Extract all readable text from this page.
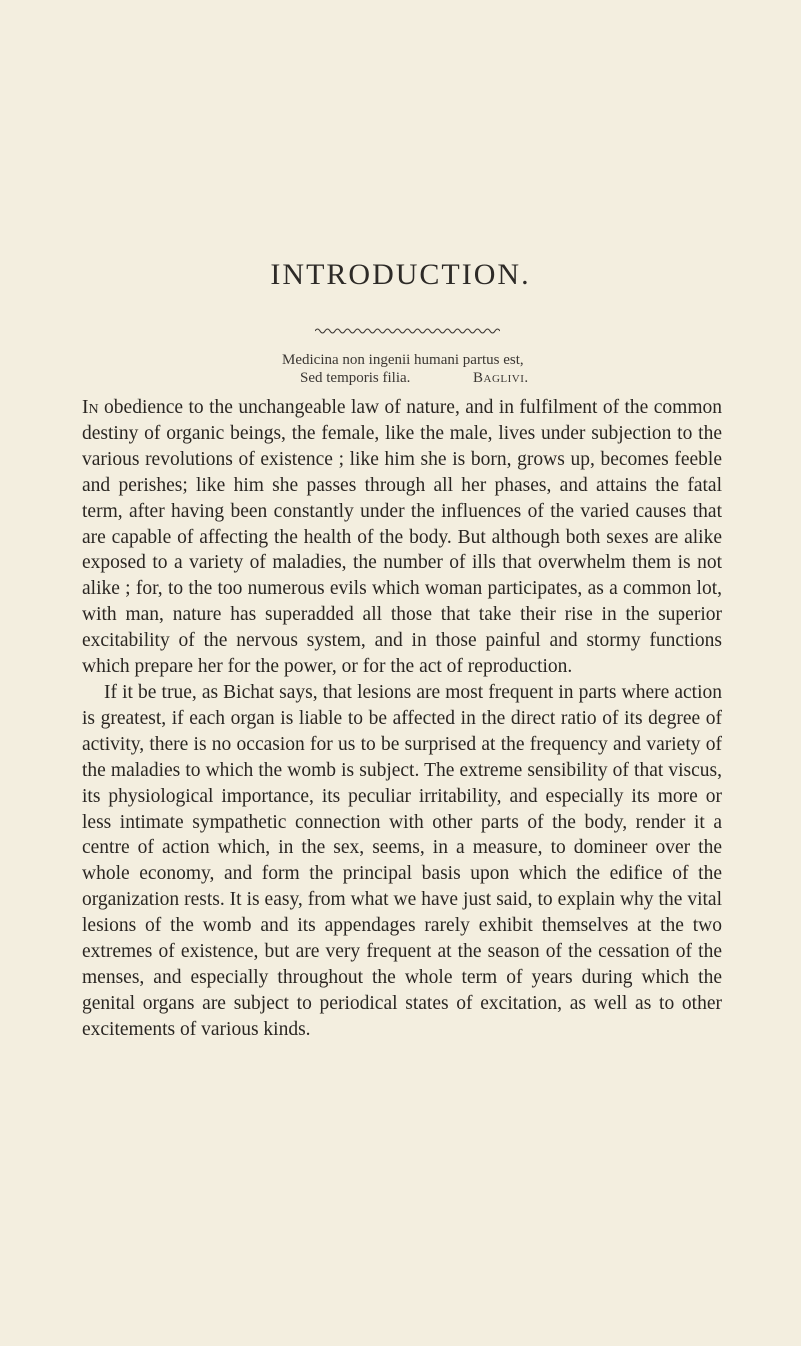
INTRODUCTION.
Medicina non ingenii humani partus est,
Sed temporis filia.	Baglivi.

In obedience to the unchangeable law of nature, and in fulfilment of the common destiny of organic beings, the female, like the male, lives under subjection to the various revolutions of existence ; like him she is born, grows up, becomes feeble and perishes; like him she passes through all her phases, and attains the fatal term, after having been constantly under the influences of the varied causes that are capable of affecting the health of the body. But although both sexes are alike exposed to a variety of maladies, the number of ills that overwhelm them is not alike ; for, to the too numerous evils which woman participates, as a common lot, with man, nature has superadded all those that take their rise in the superior excitability of the nervous system, and in those painful and stormy functions which prepare her for the power, or for the act of reproduction.

If it be true, as Bichat says, that lesions are most frequent in parts where action is greatest, if each organ is liable to be affected in the direct ratio of its degree of activity, there is no occasion for us to be surprised at the frequency and variety of the maladies to which the womb is subject. The extreme sensibility of that viscus, its physiological importance, its peculiar irritability, and especially its more or less intimate sympathetic connection with other parts of the body, render it a centre of action which, in the sex, seems, in a measure, to domineer over the whole economy, and form the principal basis upon which the edifice of the organization rests. It is easy, from what we have just said, to explain why the vital lesions of the womb and its appendages rarely exhibit themselves at the two extremes of existence, but are very frequent at the season of the cessation of the menses, and especially throughout the whole term of years during which the genital organs are subject to periodical states of excitation, as well as to other excitements of various kinds.
